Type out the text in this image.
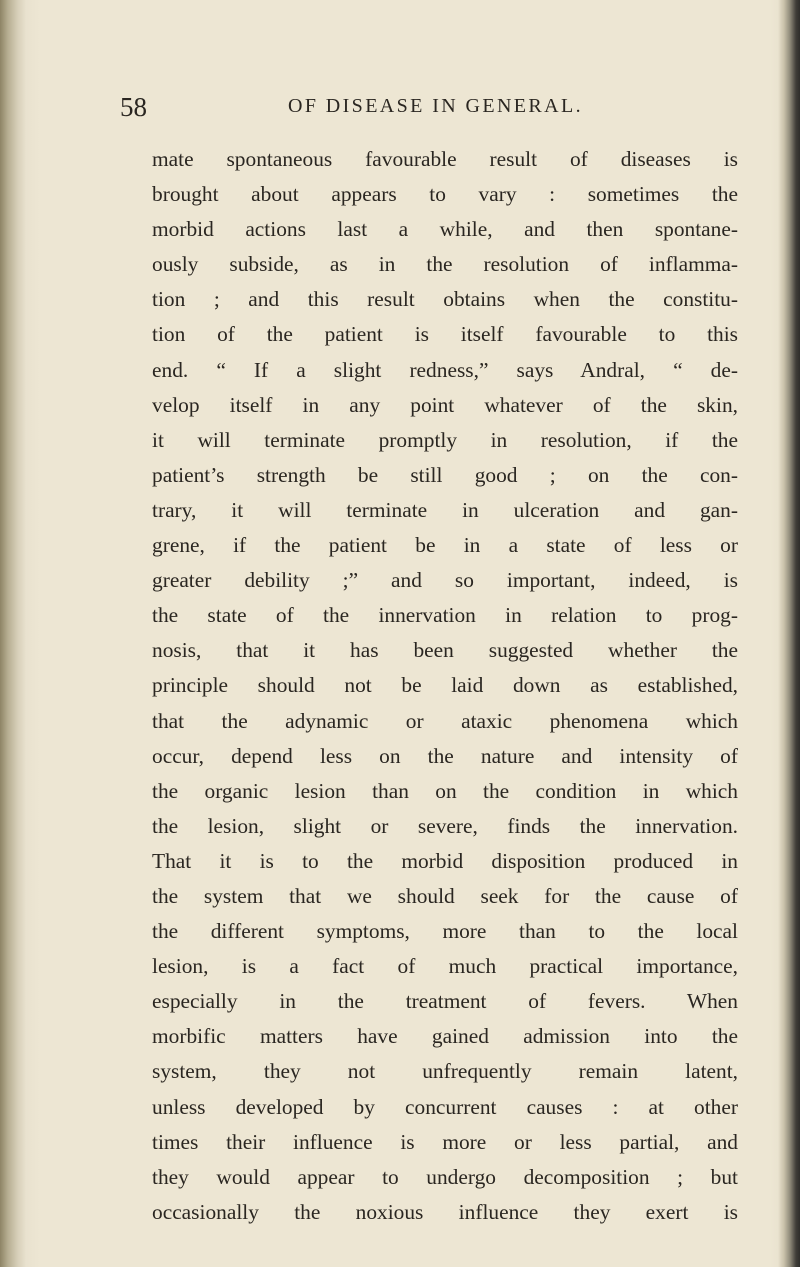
58	OF DISEASE IN GENERAL.
mate spontaneous favourable result of diseases is
brought about appears to vary : sometimes the
morbid actions last a while, and then spontane-
ously subside, as in the resolution of inflamma-
tion ; and this result obtains when the constitu-
tion of the patient is itself favourable to this
end. “ If a slight redness,” says Andral, “ de-
velop itself in any point whatever of the skin,
it will terminate promptly in resolution, if the
patient’s strength be still good ; on the con-
trary, it will terminate in ulceration and gan-
grene, if the patient be in a state of less or
greater debility ;” and so important, indeed, is
the state of the innervation in relation to prog-
nosis, that it has been suggested whether the
principle should not be laid down as established,
that the adynamic or ataxic phenomena which
occur, depend less on the nature and intensity of
the organic lesion than on the condition in which
the lesion, slight or severe, finds the innervation.
That it is to the morbid disposition produced in
the system that we should seek for the cause of
the different symptoms, more than to the local
lesion, is a fact of much practical importance,
especially in the treatment of fevers. When
morbific matters have gained admission into the
system, they not unfrequently remain latent,
unless developed by concurrent causes : at other
times their influence is more or less partial, and
they would appear to undergo decomposition ; but
occasionally the noxious influence they exert is
